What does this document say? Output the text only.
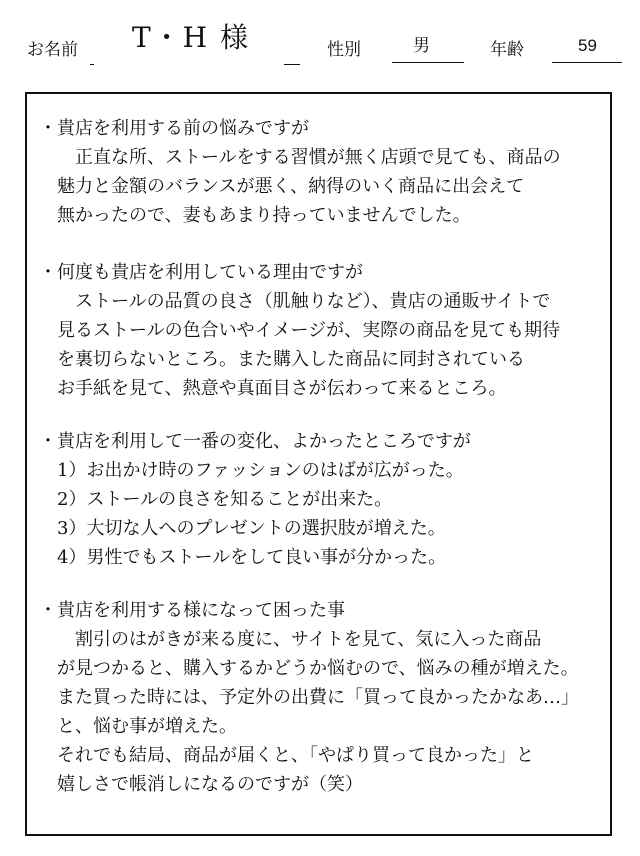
お名前 T・H 様	性別	男	年齢	59
・貴店を利用する前の悩みですが
　　正直な所、ストールをする習慣が無く店頭で見ても、商品の
　魅力と金額のバランスが悪く、納得のいく商品に出会えて
　無かったので、妻もあまり持っていませんでした。
・何度も貴店を利用している理由ですが
　　ストールの品質の良さ（肌触りなど）、貴店の通販サイトで
　見るストールの色合いやイメージが、実際の商品を見ても期待
　を裏切らないところ。また購入した商品に同封されている
　お手紙を見て、熱意や真面目さが伝わって来るところ。
・貴店を利用して一番の変化、よかったところですが
　1）お出かけ時のファッションのはばが広がった。
　2）ストールの良さを知ることが出来た。
　3）大切な人へのプレゼントの選択肢が増えた。
　4）男性でもストールをして良い事が分かった。
・貴店を利用する様になって困った事
　　割引のはがきが来る度に、サイトを見て、気に入った商品
　が見つかると、購入するかどうか悩むので、悩みの種が増えた。
　また買った時には、予定外の出費に「買って良かったかなあ…」
　と、悩む事が増えた。
　それでも結局、商品が届くと、「やぱり買って良かった」と
　嬉しさで帳消しになるのですが（笑）
